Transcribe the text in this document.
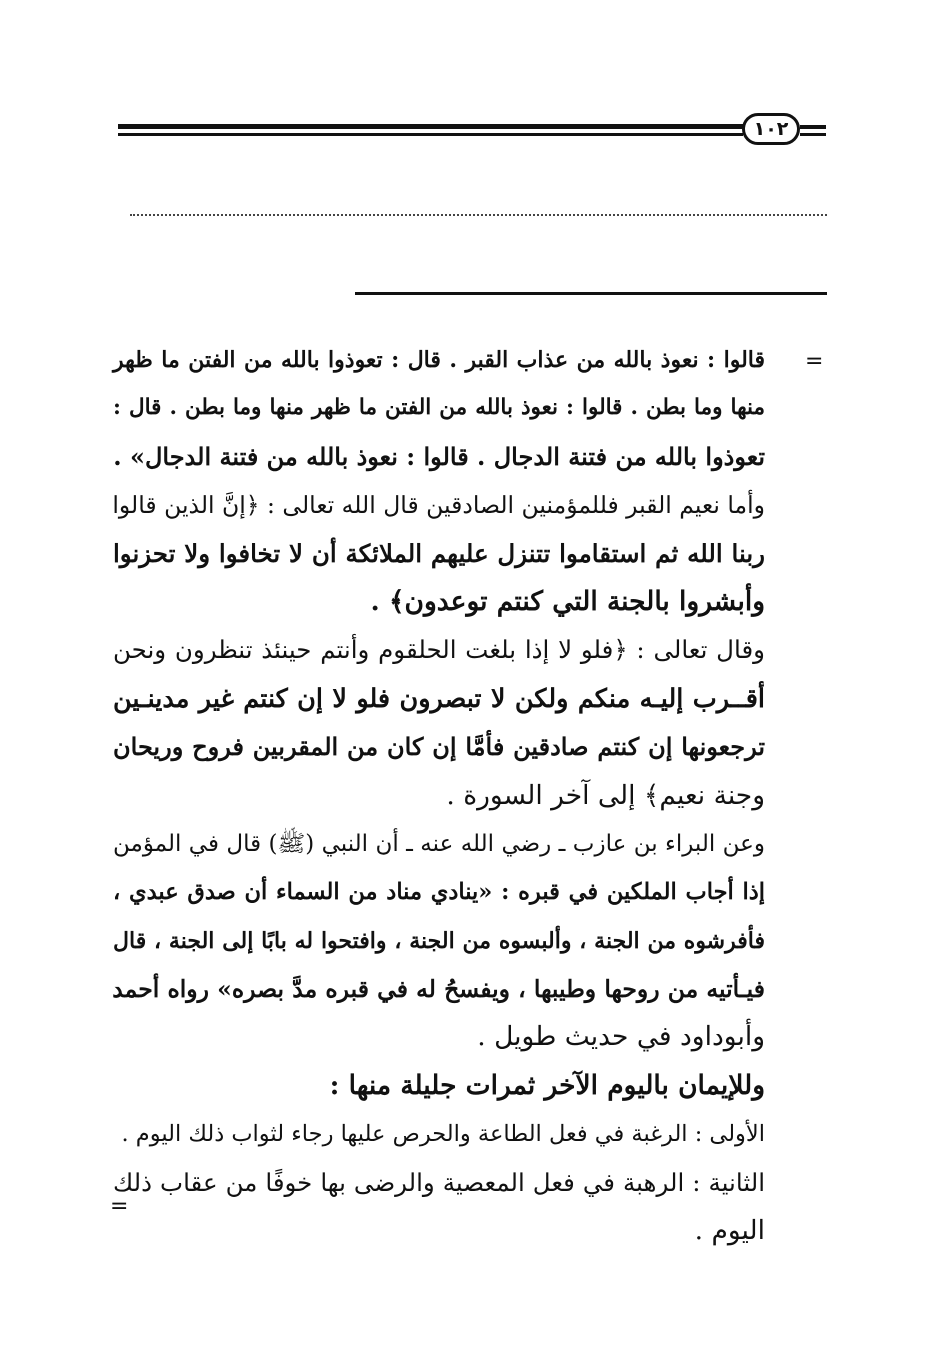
١٠٢
=
=
قالوا : نعوذ بالله من عذاب القبر . قال : تعوذوا بالله من الفتن ما ظهر
منها وما بطن . قالوا : نعوذ بالله من الفتن ما ظهر منها وما بطن . قال :
تعوذوا بالله من فتنة الدجال . قالوا : نعوذ بالله من فتنة الدجال» .
وأما نعيم القبر فللمؤمنين الصادقين قال الله تعالى : ﴿إنَّ الذين قالوا
ربنا الله ثم استقاموا تتنزل عليهم الملائكة أن لا تخافوا ولا تحزنوا
وأبشروا بالجنة التي كنتم توعدون﴾ .
وقال تعالى : ﴿فلو لا إذا بلغت الحلقوم وأنتم حينئذ تنظرون ونحن
أقــرب إليـه منكم ولكن لا تبصرون فلو لا إن كنتم غير مدينـين
ترجعونها إن كنتم صادقين فأمَّا إن كان من المقربين فروح وريحان
وجنة نعيم﴾ إلى آخر السورة .
وعن البراء بن عازب ـ رضي الله عنه ـ أن النبي (ﷺ) قال في المؤمن
إذا أجاب الملكين في قبره : «ينادي مناد من السماء أن صدق عبدي ،
فأفرشوه من الجنة ، وألبسوه من الجنة ، وافتحوا له بابًا إلى الجنة ، قال
فيـأتيه من روحها وطيبها ، ويفسحُ له في قبره مدَّ بصره» رواه أحمد
وأبوداود في حديث طويل .
وللإيمان باليوم الآخر ثمرات جليلة منها :
الأولى : الرغبة في فعل الطاعة والحرص عليها رجاء لثواب ذلك اليوم .
الثانية : الرهبة في فعل المعصية والرضى بها خوفًا من عقاب ذلك
اليوم .
